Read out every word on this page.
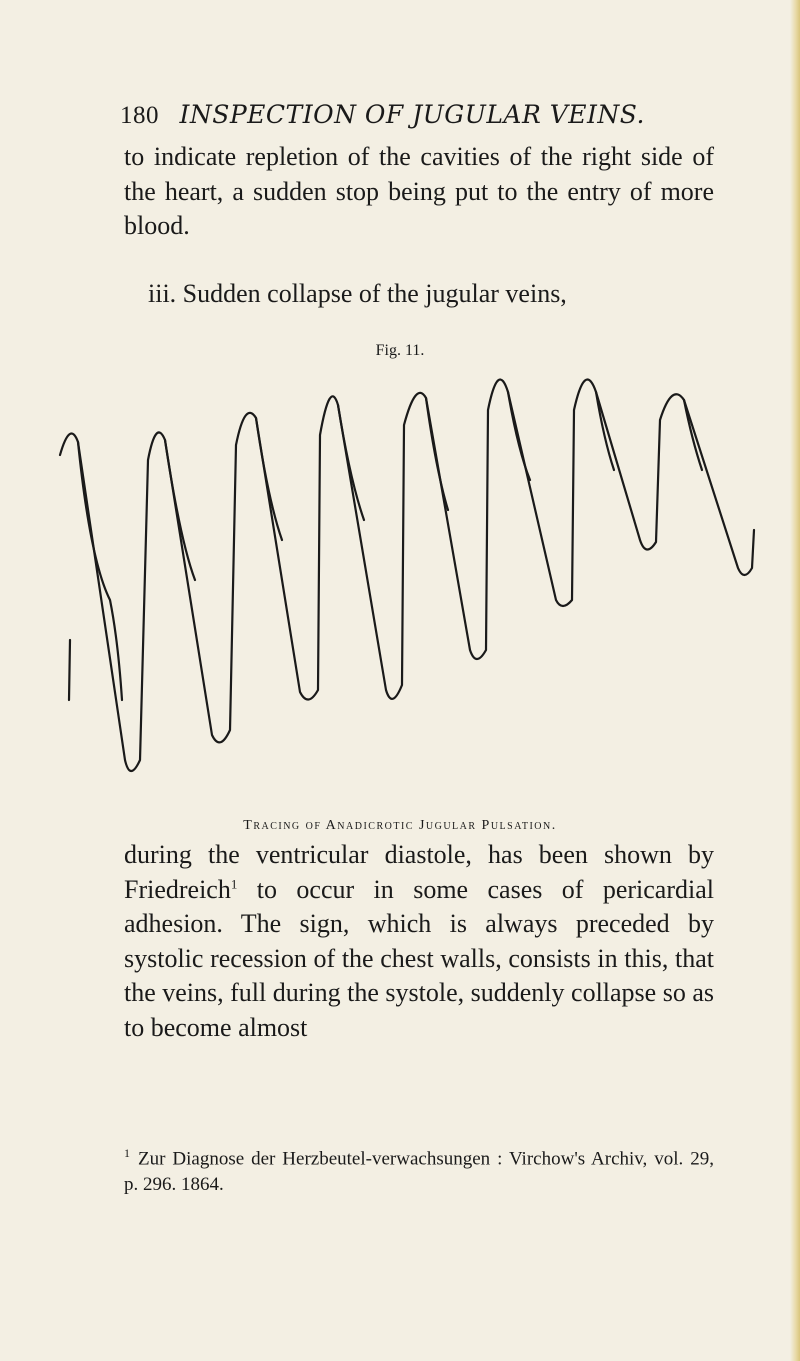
180 INSPECTION OF JUGULAR VEINS.

to indicate repletion of the cavities of the right side of the heart, a sudden stop being put to the entry of more blood.

iii. Sudden collapse of the jugular veins,

Fig. 11.
Tracing of Anadicrotic Jugular Pulsation.

during the ventricular diastole, has been shown by Friedreich$^1$ to occur in some cases of pericardial adhesion. The sign, which is always preceded by systolic recession of the chest walls, consists in this, that the veins, full during the systole, suddenly collapse so as to become almost

$^1$ Zur Diagnose der Herzbeutel-verwachsungen : Virchow's Archiv, vol. 29, p. 296. 1864.
